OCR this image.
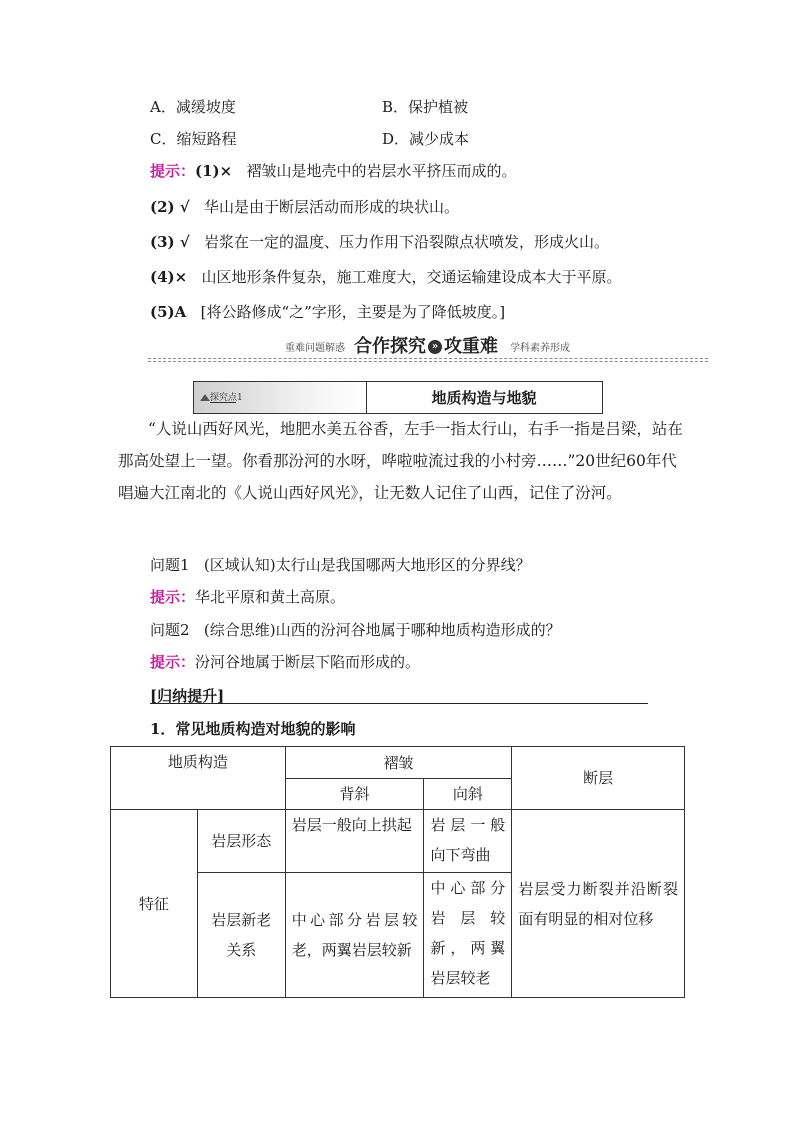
A．减缓坡度	B．保护植被
C．缩短路程	D．减少成本
提示：(1)× 褶皱山是地壳中的岩层水平挤压而成的。
(2) √ 华山是由于断层活动而形成的块状山。
(3) √ 岩浆在一定的温度、压力作用下沿裂隙点状喷发，形成火山。
(4)× 山区地形条件复杂，施工难度大，交通运输建设成本大于平原。
(5)A [将公路修成“之”字形，主要是为了降低坡度。]
重难问题解惑 合作探究 » 攻重难 学科素养形成
探究点1	地质构造与地貌
“人说山西好风光，地肥水美五谷香，左手一指太行山，右手一指是吕梁，站在那高处望上一望。你看那汾河的水呀，哗啦啦流过我的小村旁……”20世纪60年代唱遍大江南北的《人说山西好风光》，让无数人记住了山西，记住了汾河。
问题1 (区域认知)太行山是我国哪两大地形区的分界线？
提示：华北平原和黄土高原。
问题2 (综合思维)山西的汾河谷地属于哪种地质构造形成的？
提示：汾河谷地属于断层下陷而形成的。
[归纳提升]
1．常见地质构造对地貌的影响
地质构造		褶皱		断层
		背斜	向斜	
特征	岩层形态	岩层一般向上拱起	岩层一般向下弯曲	岩层受力断裂并沿断裂面有明显的相对位移
	岩层新老关系	中心部分岩层较老，两翼岩层较新	中心部分岩层较新，两翼岩层较老	
